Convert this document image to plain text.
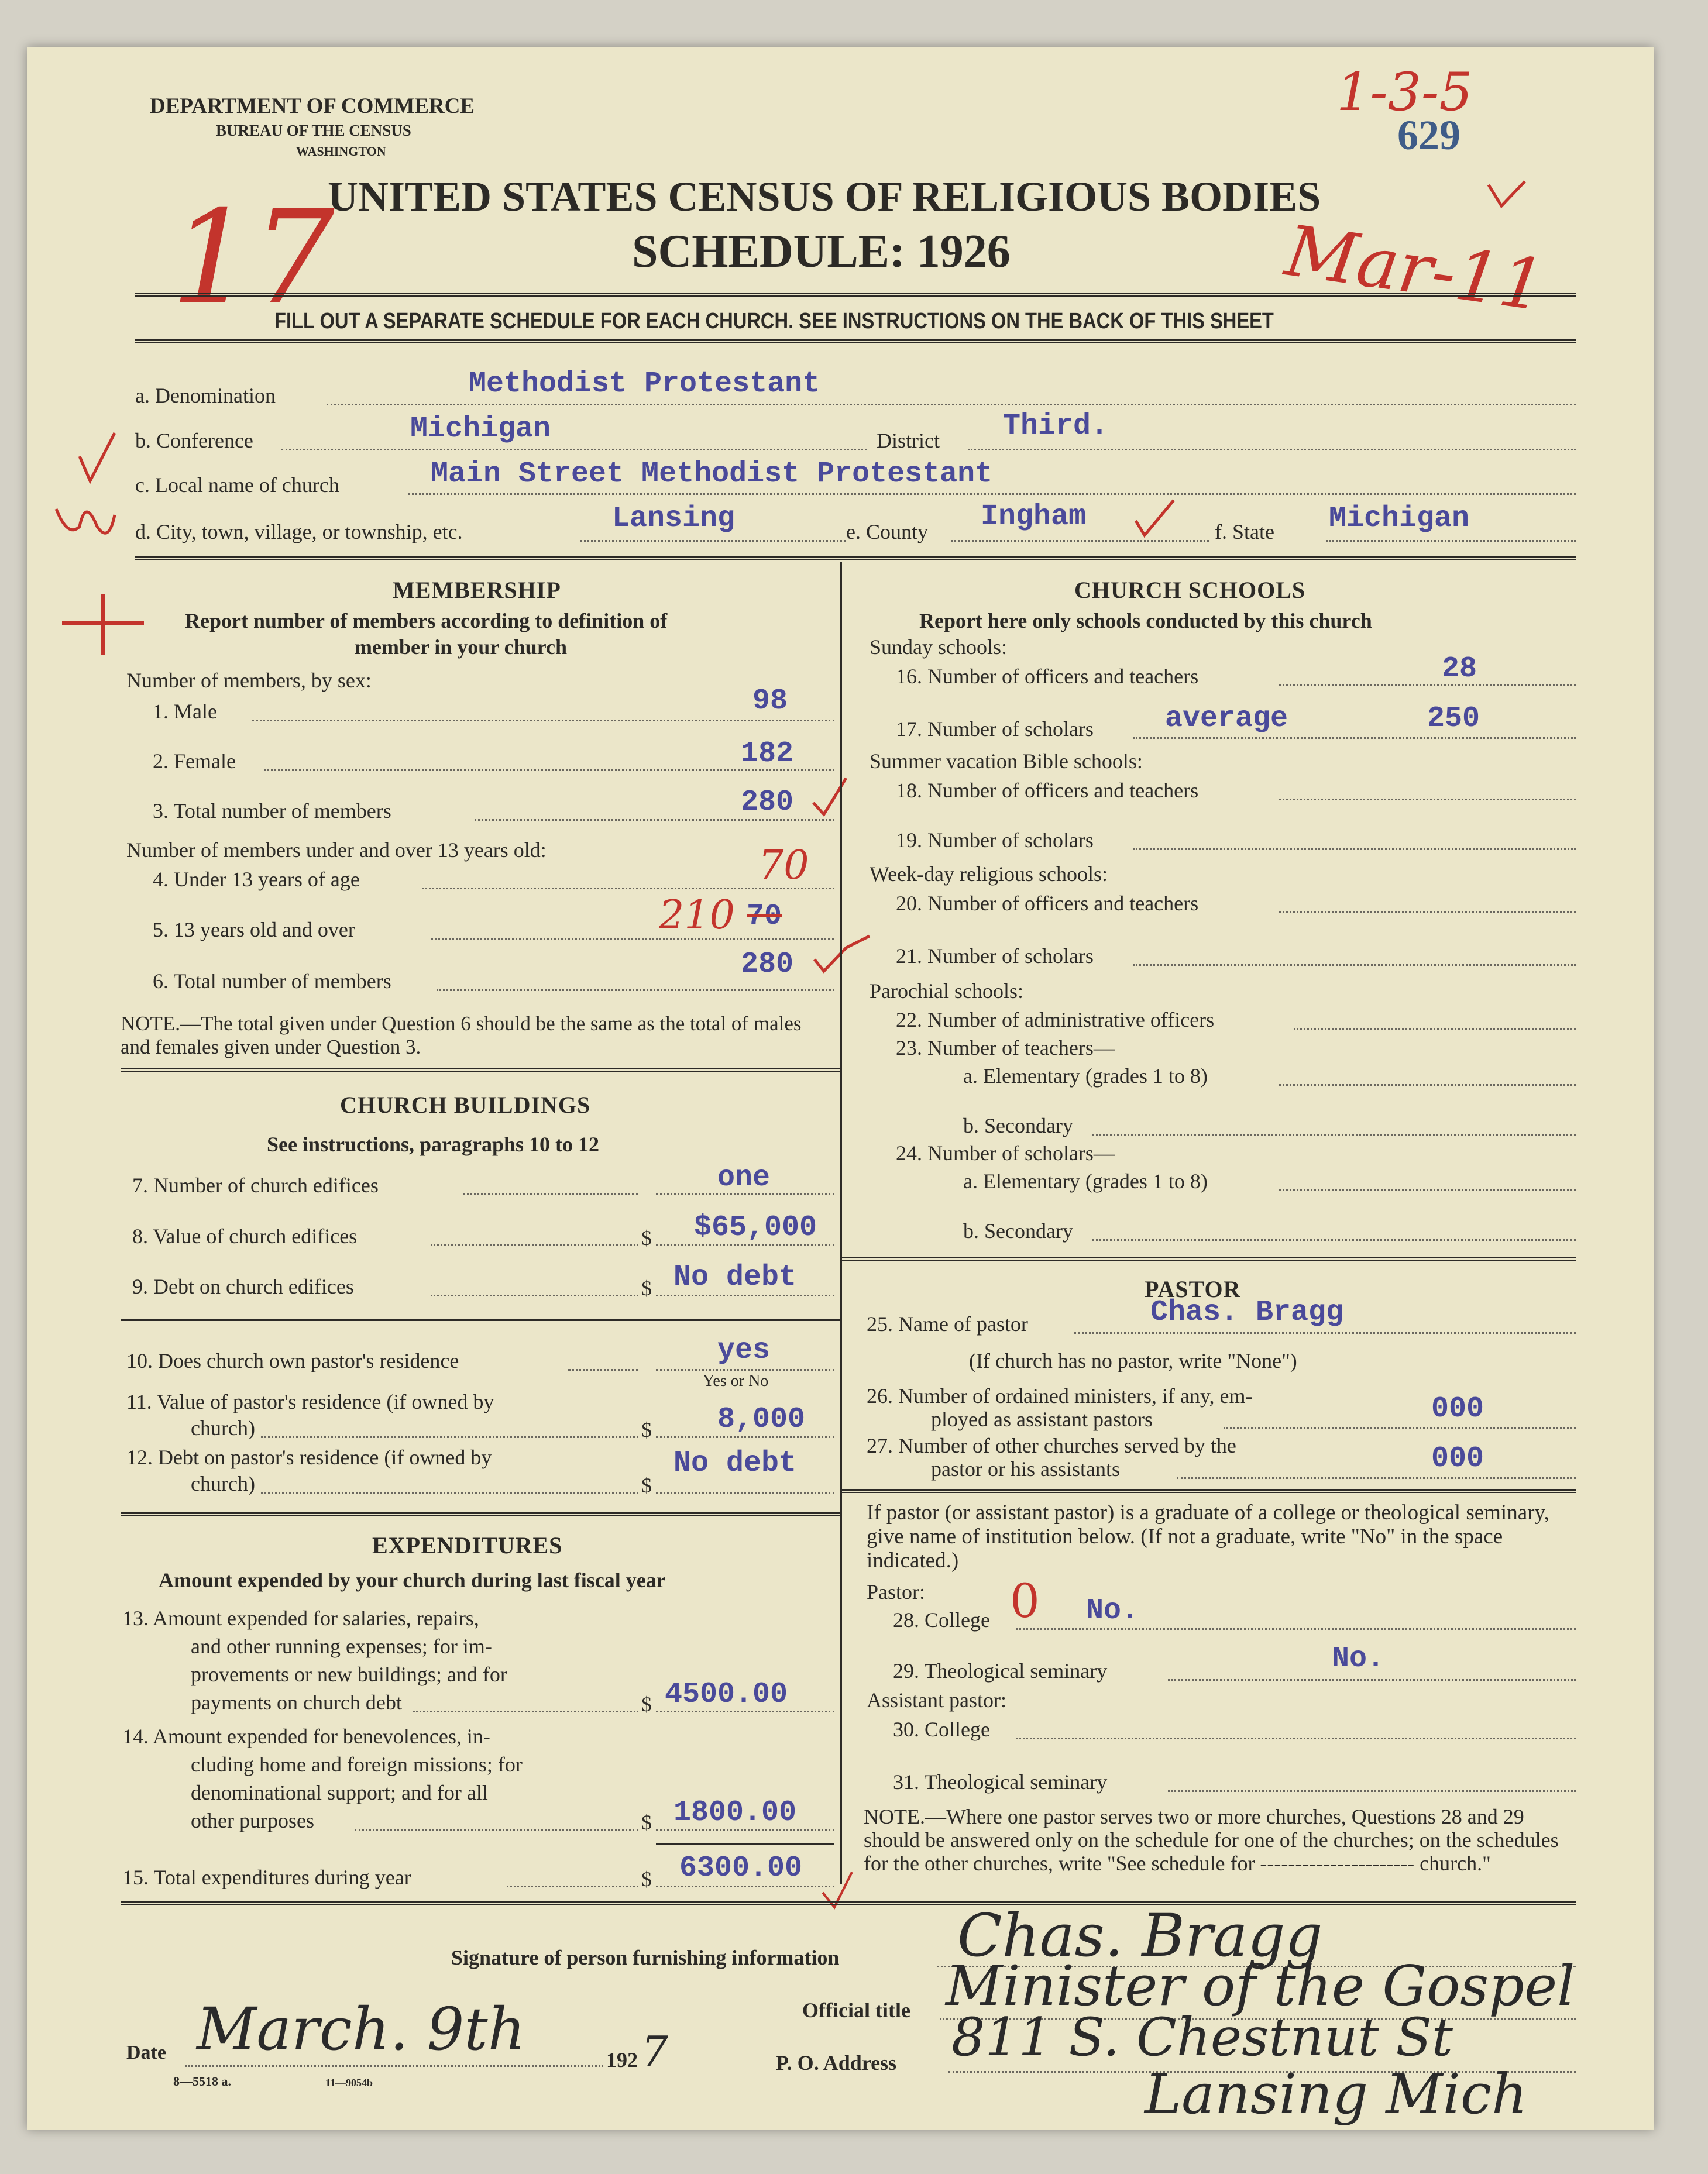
DEPARTMENT OF COMMERCE
BUREAU OF THE CENSUS
WASHINGTON
UNITED STATES CENSUS OF RELIGIOUS BODIES
SCHEDULE: 1926
1-3-5
629
17	Mar-11
FILL OUT A SEPARATE SCHEDULE FOR EACH CHURCH. SEE INSTRUCTIONS ON THE BACK OF THIS SHEET
a. Denomination	Methodist Protestant
b. Conference	Michigan	District Third.
c. Local name of church	Main Street Methodist Protestant
d. City, town, village, or township, etc.	Lansing	e. County Ingham	f. State Michigan
MEMBERSHIP
Report number of members according to definition of
member in your church
Number of members, by sex:
1. Male	98
2. Female	182
3. Total number of members	280
Number of members under and over 13 years old:
4. Under 13 years of age	70
5. 13 years old and over	210 70
6. Total number of members	280
NOTE.—The total given under Question 6 should be the same as the total of males and females given under Question 3.
CHURCH BUILDINGS
See instructions, paragraphs 10 to 12
7. Number of church edifices	one
8. Value of church edifices	$ $65,000
9. Debt on church edifices	$ No debt
10. Does church own pastor's residence	yes
Yes or No
11. Value of pastor's residence (if owned by
church)	$ 8,000
12. Debt on pastor's residence (if owned by
church)	$
No debt
EXPENDITURES
Amount expended by your church during last fiscal year
13. Amount expended for salaries, repairs,
and other running expenses; for im-
provements or new buildings; and for
payments on church debt	$ 4500.00
14. Amount expended for benevolences, in-
cluding home and foreign missions; for
denominational support; and for all
other purposes	$ 1800.00
15. Total expenditures during year	$ 6300.00
CHURCH SCHOOLS
Report here only schools conducted by this church
Sunday schools:
16. Number of officers and teachers	28
17. Number of scholars average	250
Summer vacation Bible schools:
18. Number of officers and teachers
19. Number of scholars
Week-day religious schools:
20. Number of officers and teachers
21. Number of scholars
Parochial schools:
22. Number of administrative officers
23. Number of teachers—
a. Elementary (grades 1 to 8)
b. Secondary
24. Number of scholars—
a. Elementary (grades 1 to 8)
b. Secondary
PASTOR
25. Name of pastor	Chas. Bragg
(If church has no pastor, write "None")
26. Number of ordained ministers, if any, em-
ployed as assistant pastors	000
27. Number of other churches served by the
pastor or his assistants	000
If pastor (or assistant pastor) is a graduate of a college or theological seminary, give name of institution below. (If not a graduate, write "No" in the space indicated.)
Pastor:
28. College	No.
0
29. Theological seminary	No.
Assistant pastor:
30. College
31. Theological seminary
NOTE.—Where one pastor serves two or more churches, Questions 28 and 29 should be answered only on the schedule for one of the churches; on the schedules for the other churches, write "See schedule for ---------------------- church."
Signature of person furnishing information Chas. Bragg
Official title Minister of the Gospel
Date March. 9th	192 7	P. O. Address 811 S. Chestnut St
Lansing Mich
8—5518 a.	11—9054b
